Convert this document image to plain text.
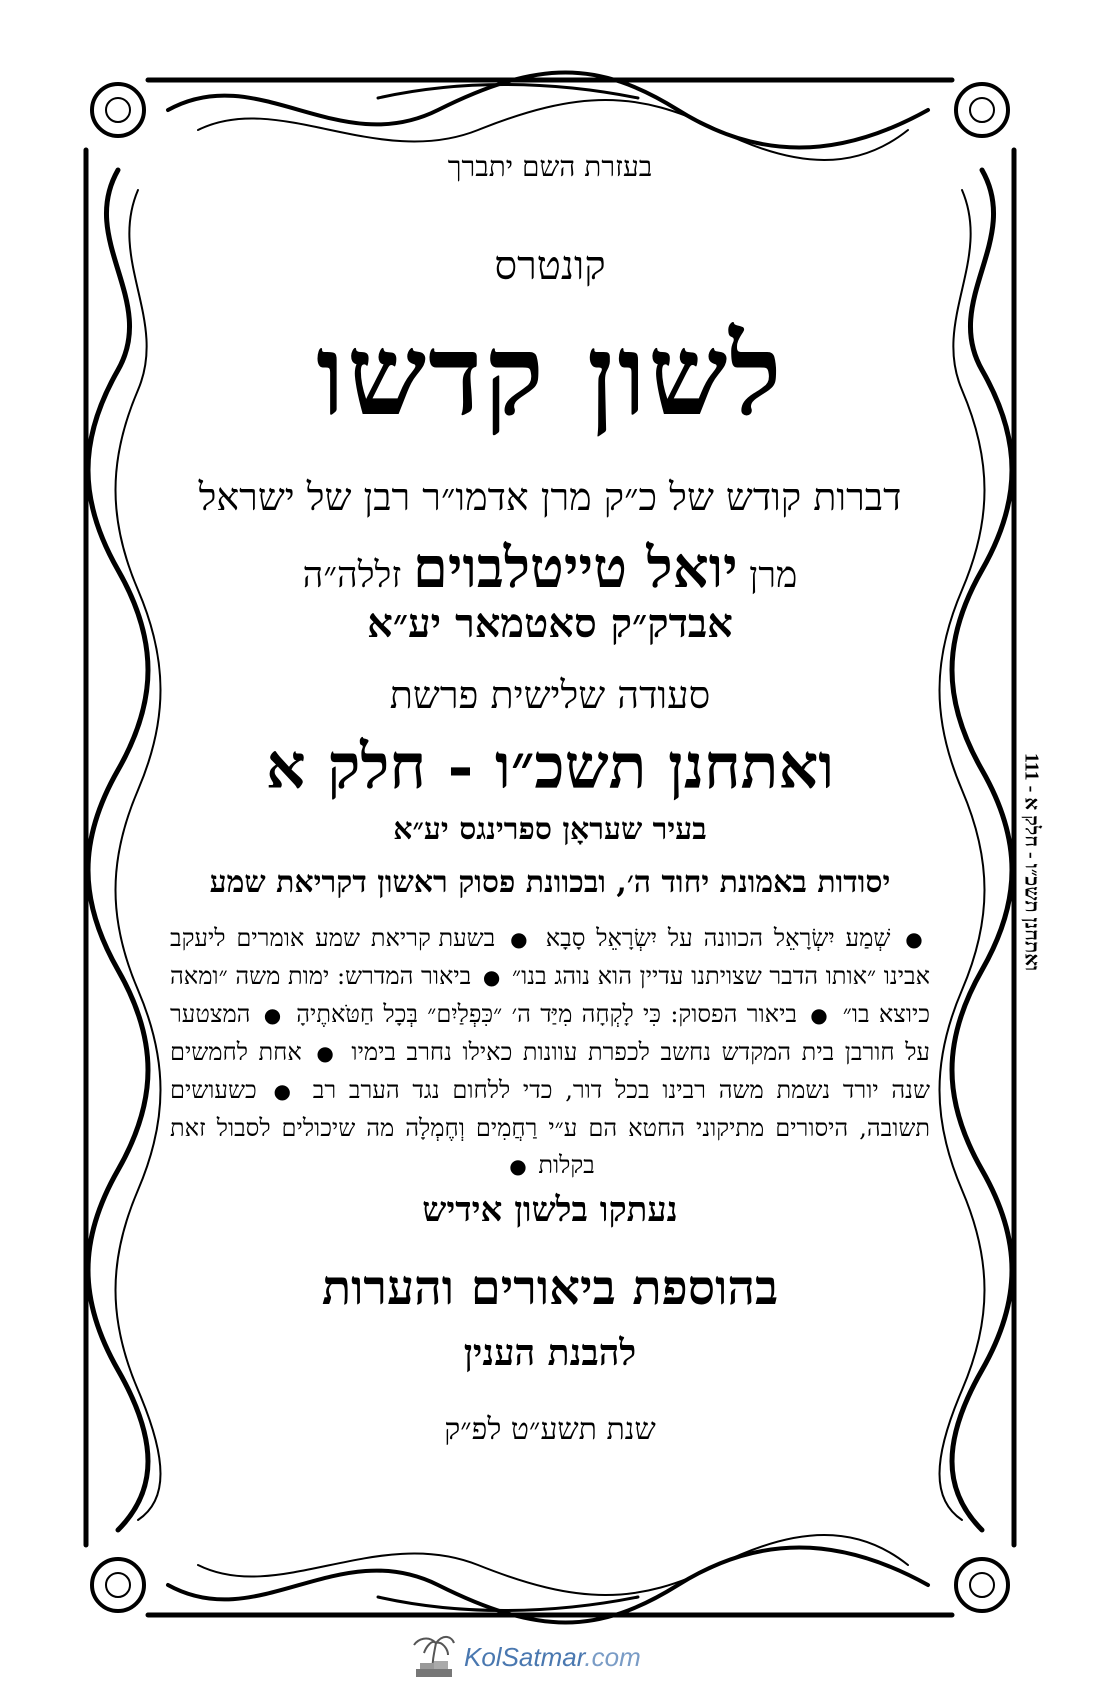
בעזרת השם יתברך
קונטרס
לשון קדשו
דברות קודש של כ״ק מרן אדמו״ר רבן של ישראל
מרן יואל טייטלבוים זללה״ה
אבדק״ק סאטמאר יע״א
סעודה שלישית פרשת
ואתחנן תשכ״ו - חלק א
בעיר שעראָן ספרינגס יע״א
יסודות באמונת יחוד ה׳, ובכוונת פסוק ראשון דקריאת שמע
● שְׁמַע יִשְׂרָאֵל הכוונה על יִשְׂרָאֵל סָבָא ● בשעת קריאת שמע אומרים ליעקב אבינו ״אותו הדבר שצויתנו עדיין הוא נוהג בנו״ ● ביאור המדרש: ימות משה ״ומאה כיוצא בו״ ● ביאור הפסוק: כִּי לָקְחָה מִיַּד ה׳ ״כִּפְלַיִם״ בְּכָל חַטֹּאתֶיהָ ● המצטער על חורבן בית המקדש נחשב לכפרת עוונות כאילו נחרב בימיו ● אחת לחמשים שנה יורד נשמת משה רבינו בכל דור, כדי ללחום נגד הערב רב ● כשעושים תשובה, היסורים מתיקוני החטא הם ע״י רַחֲמִים וְחֶמְלָה מה שיכולים לסבול זאת בקלות ●
נעתקו בלשון אידיש
בהוספת ביאורים והערות
להבנת הענין
שנת תשע״ט לפ״ק
ואתחנן תשכ״ו - חלק א - 111
KolSatmar.com
